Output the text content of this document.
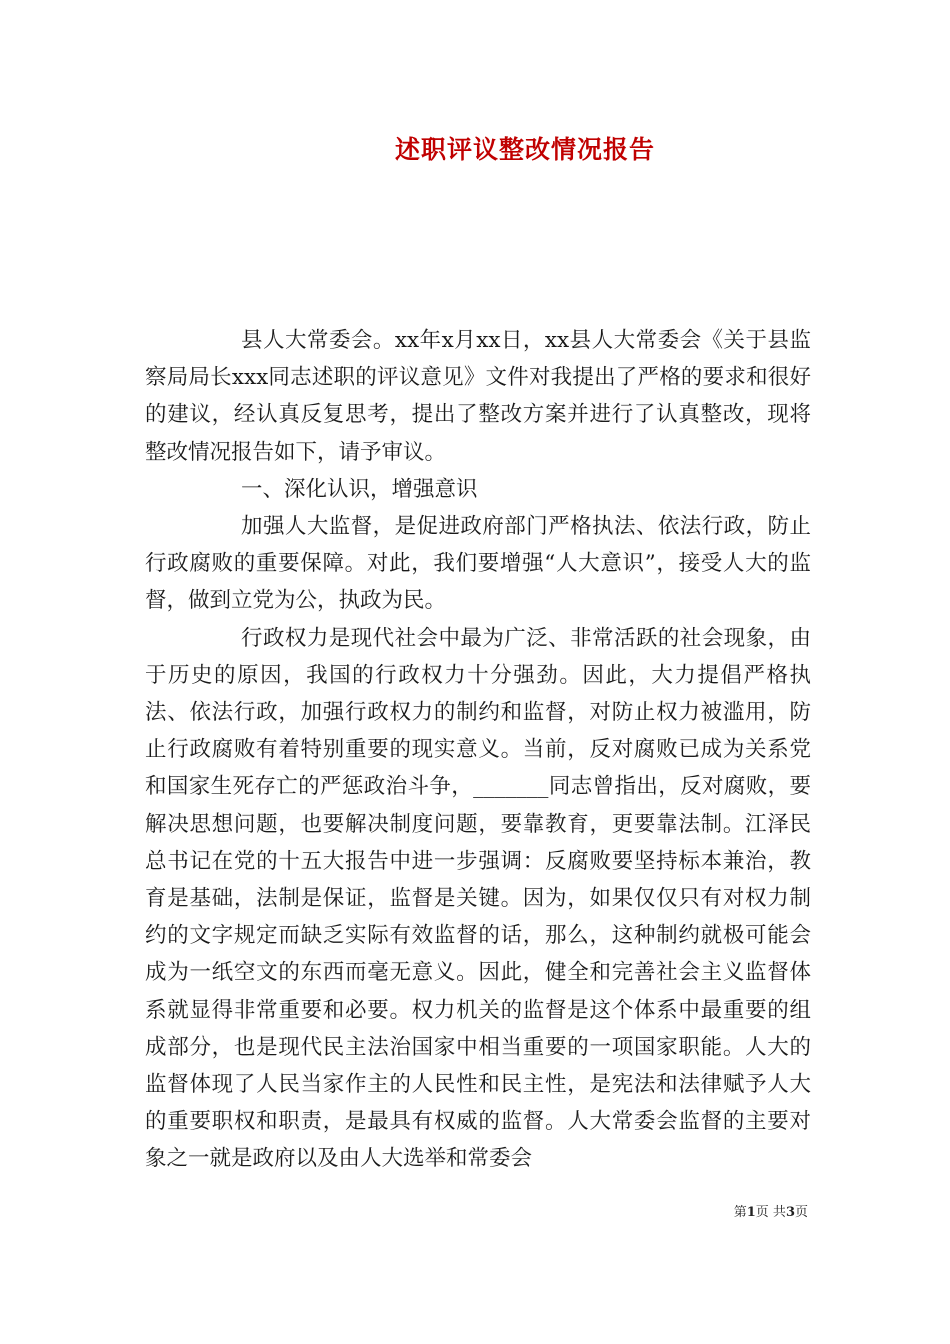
述职评议整改情况报告

县人大常委会。xx年x月xx日，xx县人大常委会《关于县监察局局长xxx同志述职的评议意见》文件对我提出了严格的要求和很好的建议，经认真反复思考，提出了整改方案并进行了认真整改，现将整改情况报告如下，请予审议。

一、深化认识，增强意识

加强人大监督，是促进政府部门严格执法、依法行政，防止行政腐败的重要保障。对此，我们要增强“人大意识”，接受人大的监督，做到立党为公，执政为民。

行政权力是现代社会中最为广泛、非常活跃的社会现象，由于历史的原因，我国的行政权力十分强劲。因此，大力提倡严格执法、依法行政，加强行政权力的制约和监督，对防止权力被滥用，防止行政腐败有着特别重要的现实意义。当前，反对腐败已成为关系党和国家生死存亡的严惩政治斗争，_______同志曾指出，反对腐败，要解决思想问题，也要解决制度问题，要靠教育，更要靠法制。江泽民总书记在党的十五大报告中进一步强调：反腐败要坚持标本兼治，教育是基础，法制是保证，监督是关键。因为，如果仅仅只有对权力制约的文字规定而缺乏实际有效监督的话，那么，这种制约就极可能会成为一纸空文的东西而毫无意义。因此，健全和完善社会主义监督体系就显得非常重要和必要。权力机关的监督是这个体系中最重要的组成部分，也是现代民主法治国家中相当重要的一项国家职能。人大的监督体现了人民当家作主的人民性和民主性，是宪法和法律赋予人大的重要职权和职责，是最具有权威的监督。人大常委会监督的主要对象之一就是政府以及由人大选举和常委会

第1页 共3页
